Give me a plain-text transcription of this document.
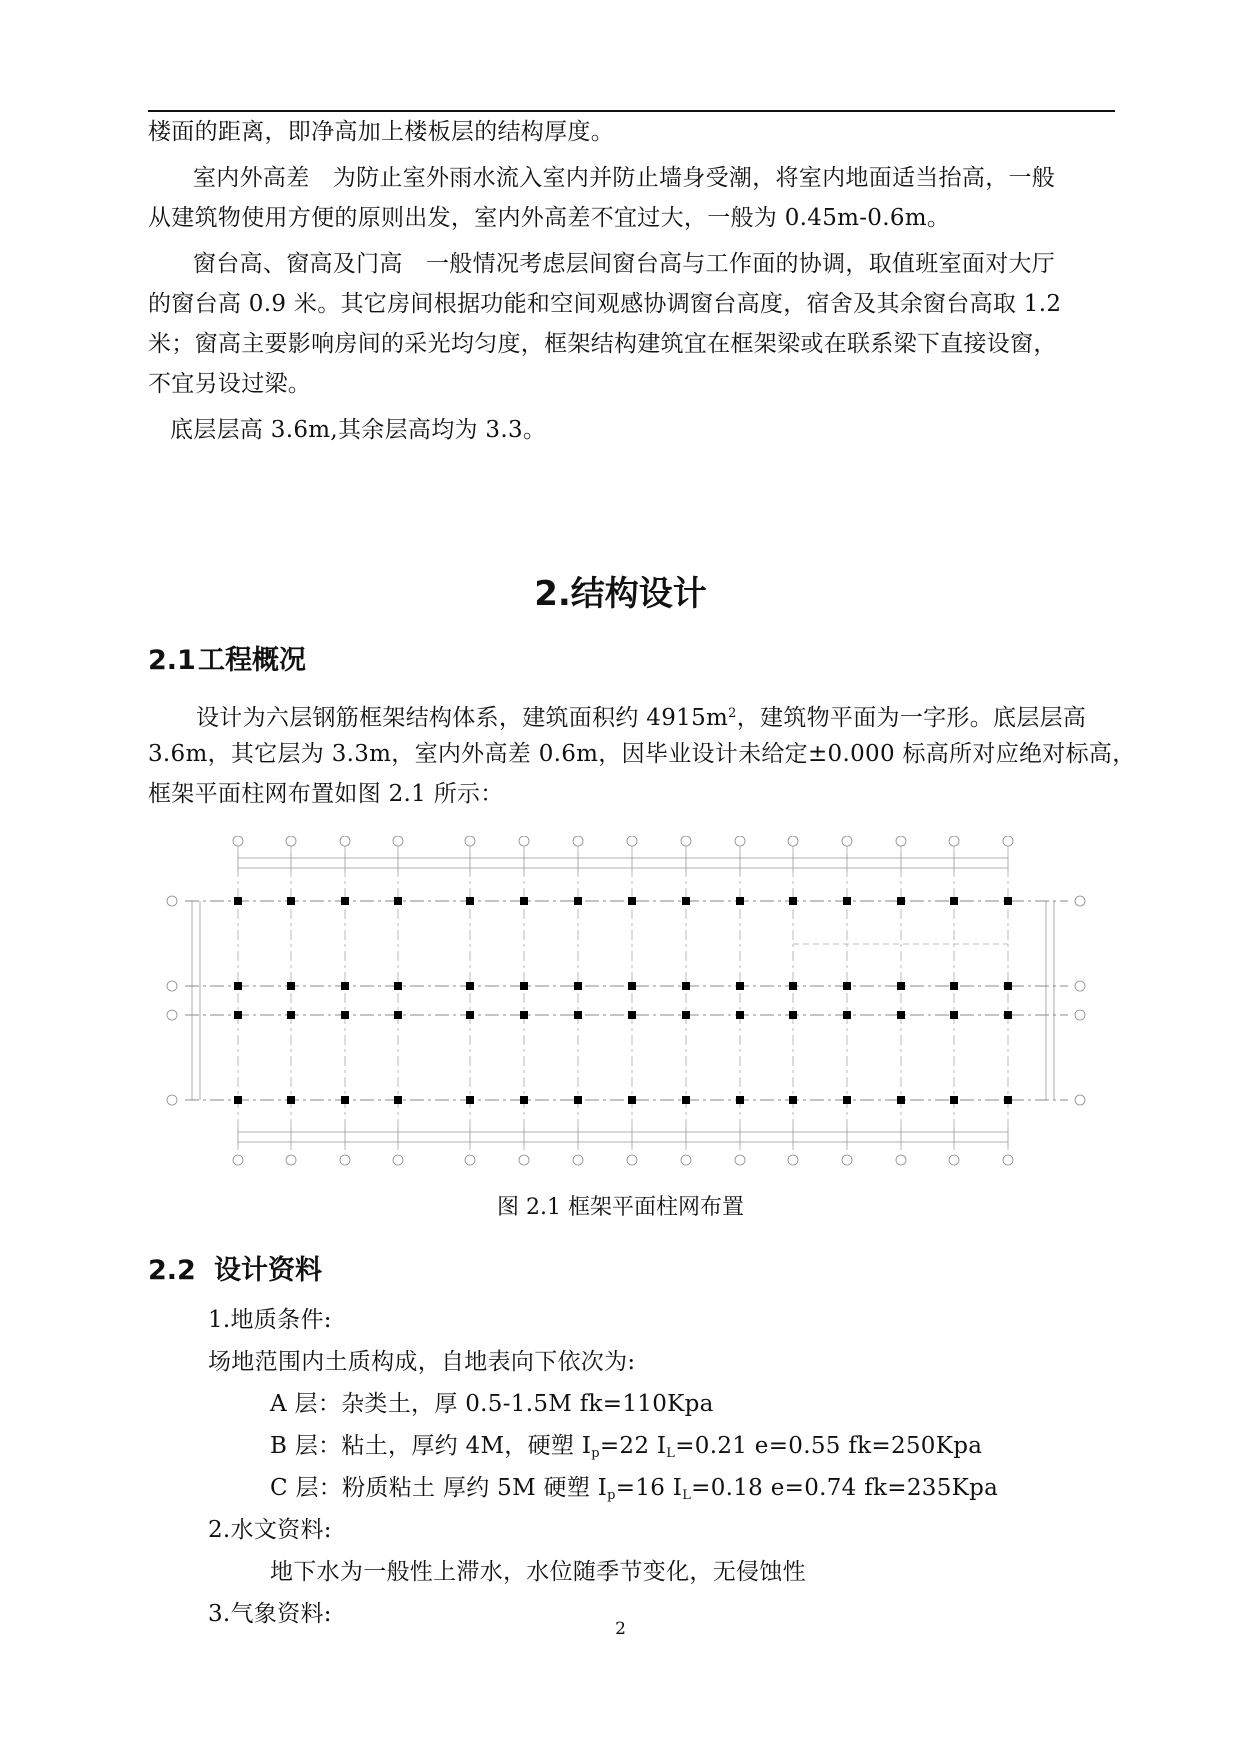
楼面的距离，即净高加上楼板层的结构厚度。

室内外高差　为防止室外雨水流入室内并防止墙身受潮，将室内地面适当抬高，一般

从建筑物使用方便的原则出发，室内外高差不宜过大，一般为 0.45m-0.6m。

窗台高、窗高及门高　一般情况考虑层间窗台高与工作面的协调，取值班室面对大厅

的窗台高 0.9 米。其它房间根据功能和空间观感协调窗台高度，宿舍及其余窗台高取 1.2

米；窗高主要影响房间的采光均匀度，框架结构建筑宜在框架梁或在联系梁下直接设窗，

不宜另设过梁。

底层层高 3.6m,其余层高均为 3.3。

2.结构设计
2.1工程概况

设计为六层钢筋框架结构体系，建筑面积约 $4915m^2$，建筑物平面为一字形。底层层高

3.6m，其它层为 3.3m，室内外高差 0.6m，因毕业设计未给定±0.000 标高所对应绝对标高，

框架平面柱网布置如图 2.1 所示：

图 2.1 框架平面柱网布置

2.2 设计资料

1.地质条件:

场地范围内土质构成，自地表向下依次为:

A 层：杂类土，厚 0.5-1.5M fk=110Kpa

B 层：粘土，厚约 4M，硬塑 $I_p=22$ $I_L=0.21$ e=0.55 fk=250Kpa

C 层：粉质粘土 厚约 5M 硬塑 $I_p=16$ $I_L=0.18$ e=0.74 fk=235Kpa

2.水文资料:

地下水为一般性上滞水，水位随季节变化，无侵蚀性

3.气象资料:

2
